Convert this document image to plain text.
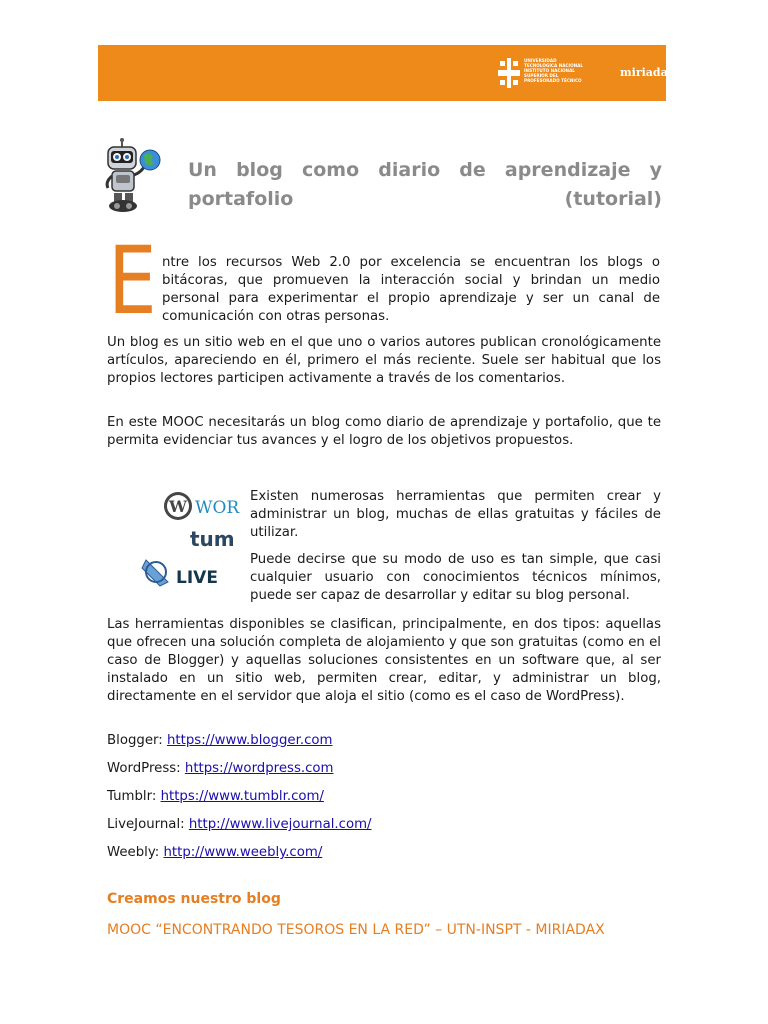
UNIVERSIDAD
TECNOLÓGICA NACIONAL
INSTITUTO NACIONAL
SUPERIOR DEL
PROFESORADO TÉCNICO
miriada
Un blog como diario de aprendizaje y portafolio (tutorial)
E ntre los recursos Web 2.0 por excelencia se encuentran los blogs o bitácoras, que promueven la interacción social y brindan un medio personal para experimentar el propio aprendizaje y ser un canal de comunicación con otras personas.

Un blog es un sitio web en el que uno o varios autores publican cronológicamente artículos, apareciendo en él, primero el más reciente. Suele ser habitual que los propios lectores participen activamente a través de los comentarios.

En este MOOC necesitarás un blog como diario de aprendizaje y portafolio, que te permita evidenciar tus avances y el logro de los objetivos propuestos.

W WOR
tum
LIVE

Existen numerosas herramientas que permiten crear y administrar un blog, muchas de ellas gratuitas y fáciles de utilizar.

Puede decirse que su modo de uso es tan simple, que casi cualquier usuario con conocimientos técnicos mínimos, puede ser capaz de desarrollar y editar su blog personal.

Las herramientas disponibles se clasifican, principalmente, en dos tipos: aquellas que ofrecen una solución completa de alojamiento y que son gratuitas (como en el caso de Blogger) y aquellas soluciones consistentes en un software que, al ser instalado en un sitio web, permiten crear, editar, y administrar un blog, directamente en el servidor que aloja el sitio (como es el caso de WordPress).

Blogger: https://www.blogger.com

WordPress: https://wordpress.com

Tumblr: https://www.tumblr.com/

LiveJournal: http://www.livejournal.com/

Weebly: http://www.weebly.com/

Creamos nuestro blog

MOOC “ENCONTRANDO TESOROS EN LA RED” – UTN-INSPT - MIRIADAX
